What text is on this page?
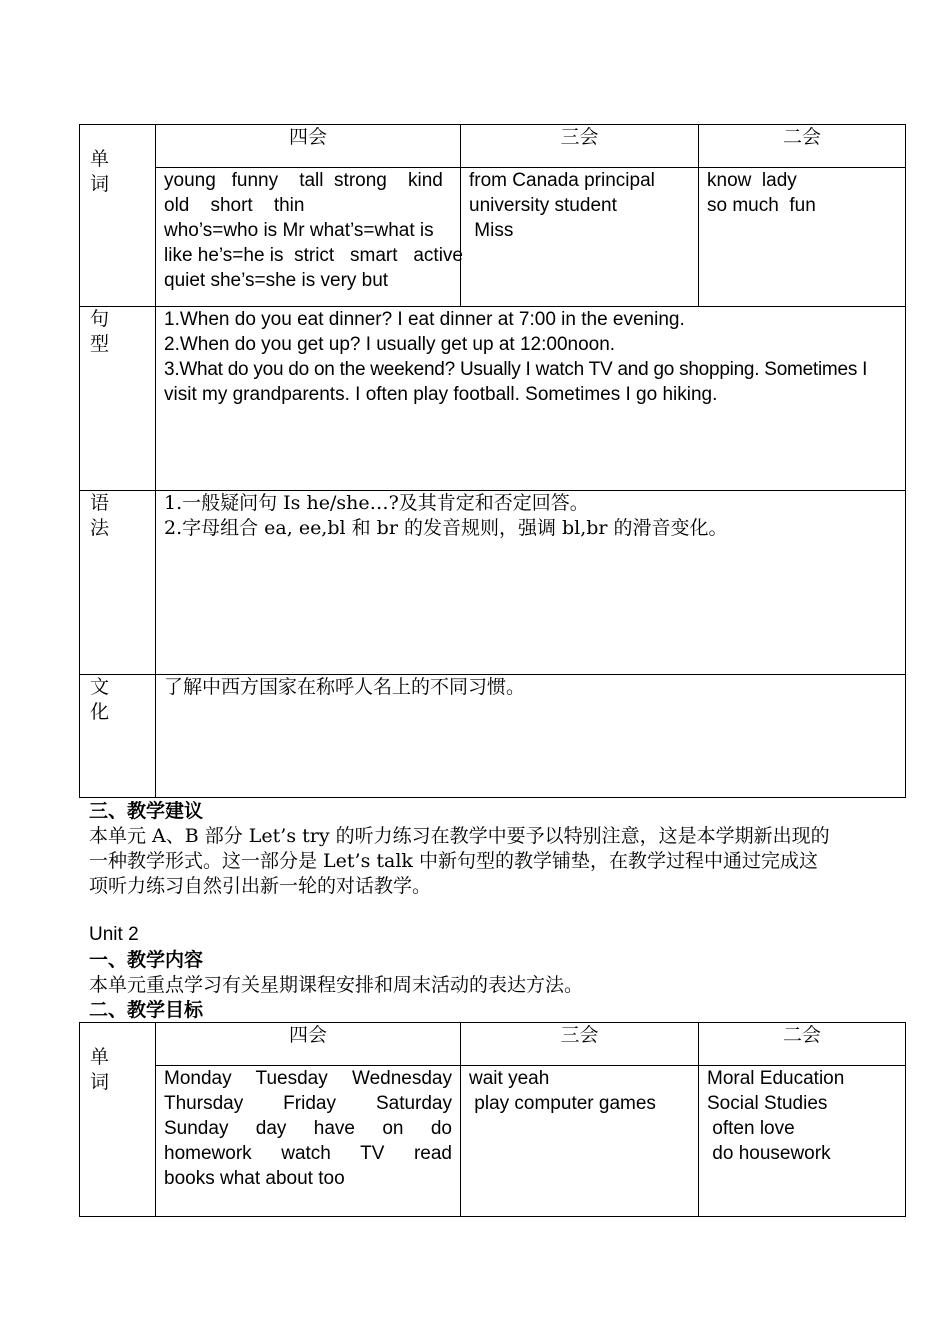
单
词	四会	三会	二会

	young   funny    tall  strong    kind
old    short    thin
who’s=who is Mr what’s=what is
like he’s=he is  strict   smart   active
quiet she’s=she is very but	from Canada principal
university student
Miss	know  lady
so much  fun

句
型	1.When do you eat dinner? I eat dinner at 7:00 in the evening.
2.When do you get up? I usually get up at 12:00noon.
3.What do you do on the weekend? Usually I watch TV and go shopping. Sometimes I
visit my grandparents. I often play football. Sometimes I go hiking.		

语
法	1.一般疑问句 Is he/she…?及其肯定和否定回答。
2.字母组合 ea, ee,bl 和 br 的发音规则，强调 bl,br 的滑音变化。		

文
化	了解中西方国家在称呼人名上的不同习惯。		
三、教学建议
本单元 A、B 部分 Let’s try 的听力练习在教学中要予以特别注意，这是本学期新出现的
一种教学形式。这一部分是 Let’s talk 中新句型的教学铺垫，在教学过程中通过完成这
项听力练习自然引出新一轮的对话教学。
Unit 2
一、教学内容
本单元重点学习有关星期课程安排和周末活动的表达方法。
二、教学目标
单
词	四会	三会	二会

	Monday Tuesday Wednesday
Thursday Friday Saturday
Sunday day have on do
homework watch TV read
books what about too	wait yeah
play computer games	Moral Education
Social Studies
often love
do housework
